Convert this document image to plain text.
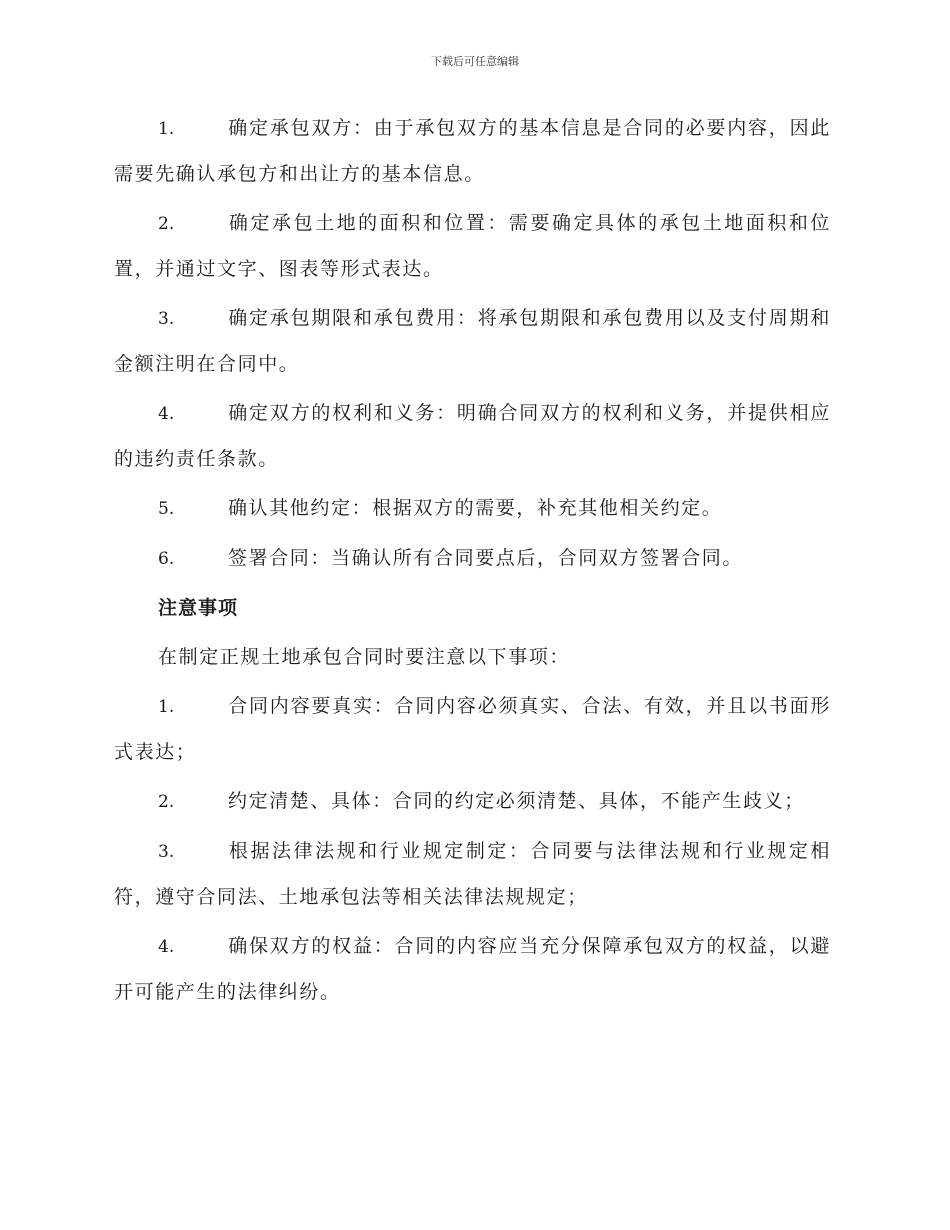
下载后可任意编辑
1.	确定承包双方：由于承包双方的基本信息是合同的必要内容，因此需要先确认承包方和出让方的基本信息。
2.	确定承包土地的面积和位置：需要确定具体的承包土地面积和位置，并通过文字、图表等形式表达。
3.	确定承包期限和承包费用：将承包期限和承包费用以及支付周期和金额注明在合同中。
4.	确定双方的权利和义务：明确合同双方的权利和义务，并提供相应的违约责任条款。
5.	确认其他约定：根据双方的需要，补充其他相关约定。
6.	签署合同：当确认所有合同要点后，合同双方签署合同。
注意事项
在制定正规土地承包合同时要注意以下事项：
1.	合同内容要真实：合同内容必须真实、合法、有效，并且以书面形式表达；
2.	约定清楚、具体：合同的约定必须清楚、具体，不能产生歧义；
3.	根据法律法规和行业规定制定：合同要与法律法规和行业规定相符，遵守合同法、土地承包法等相关法律法规规定；
4.	确保双方的权益：合同的内容应当充分保障承包双方的权益，以避开可能产生的法律纠纷。
